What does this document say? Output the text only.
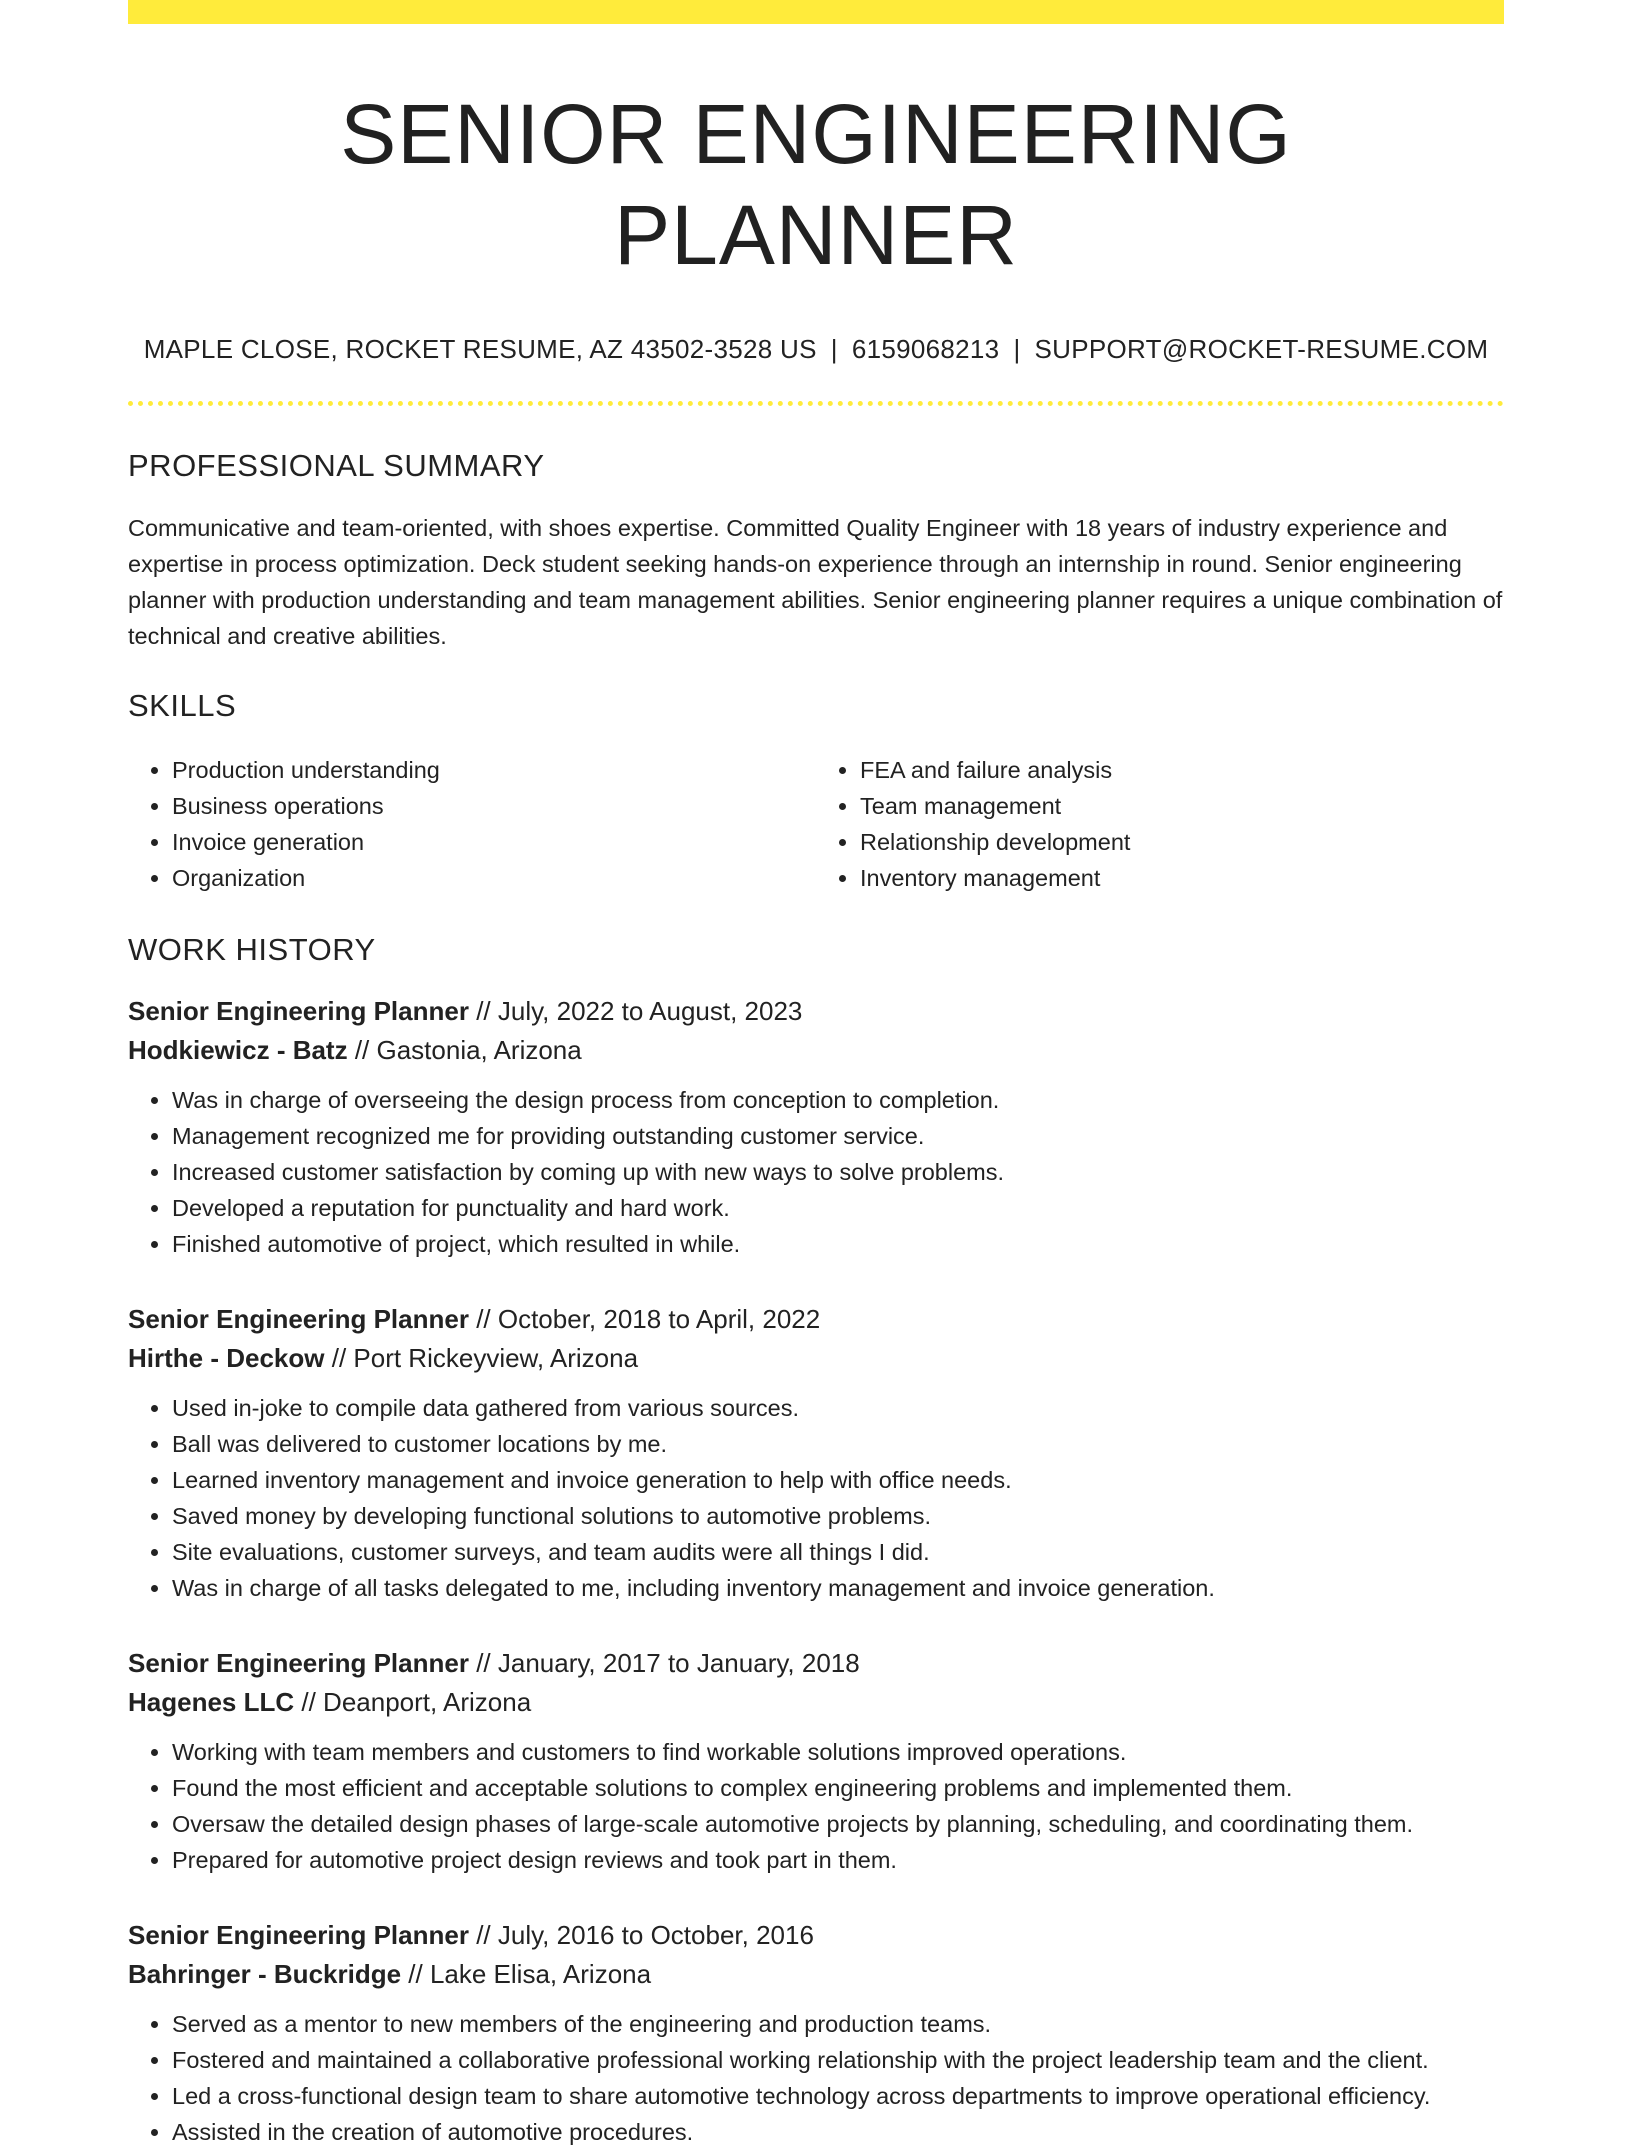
SENIOR ENGINEERING PLANNER
MAPLE CLOSE, ROCKET RESUME, AZ 43502-3528 US | 6159068213 | SUPPORT@ROCKET-RESUME.COM
PROFESSIONAL SUMMARY

Communicative and team-oriented, with shoes expertise. Committed Quality Engineer with 18 years of industry experience and expertise in process optimization. Deck student seeking hands-on experience through an internship in round. Senior engineering planner with production understanding and team management abilities. Senior engineering planner requires a unique combination of technical and creative abilities.

SKILLS
• Production understanding
• Business operations
• Invoice generation
• Organization
• FEA and failure analysis
• Team management
• Relationship development
• Inventory management
WORK HISTORY
Senior Engineering Planner // July, 2022 to August, 2023
Hodkiewicz - Batz // Gastonia, Arizona
• Was in charge of overseeing the design process from conception to completion.
• Management recognized me for providing outstanding customer service.
• Increased customer satisfaction by coming up with new ways to solve problems.
• Developed a reputation for punctuality and hard work.
• Finished automotive of project, which resulted in while.
Senior Engineering Planner // October, 2018 to April, 2022
Hirthe - Deckow // Port Rickeyview, Arizona
• Used in-joke to compile data gathered from various sources.
• Ball was delivered to customer locations by me.
• Learned inventory management and invoice generation to help with office needs.
• Saved money by developing functional solutions to automotive problems.
• Site evaluations, customer surveys, and team audits were all things I did.
• Was in charge of all tasks delegated to me, including inventory management and invoice generation.
Senior Engineering Planner // January, 2017 to January, 2018
Hagenes LLC // Deanport, Arizona
• Working with team members and customers to find workable solutions improved operations.
• Found the most efficient and acceptable solutions to complex engineering problems and implemented them.
• Oversaw the detailed design phases of large-scale automotive projects by planning, scheduling, and coordinating them.
• Prepared for automotive project design reviews and took part in them.
Senior Engineering Planner // July, 2016 to October, 2016
Bahringer - Buckridge // Lake Elisa, Arizona
• Served as a mentor to new members of the engineering and production teams.
• Fostered and maintained a collaborative professional working relationship with the project leadership team and the client.
• Led a cross-functional design team to share automotive technology across departments to improve operational efficiency.
• Assisted in the creation of automotive procedures.
